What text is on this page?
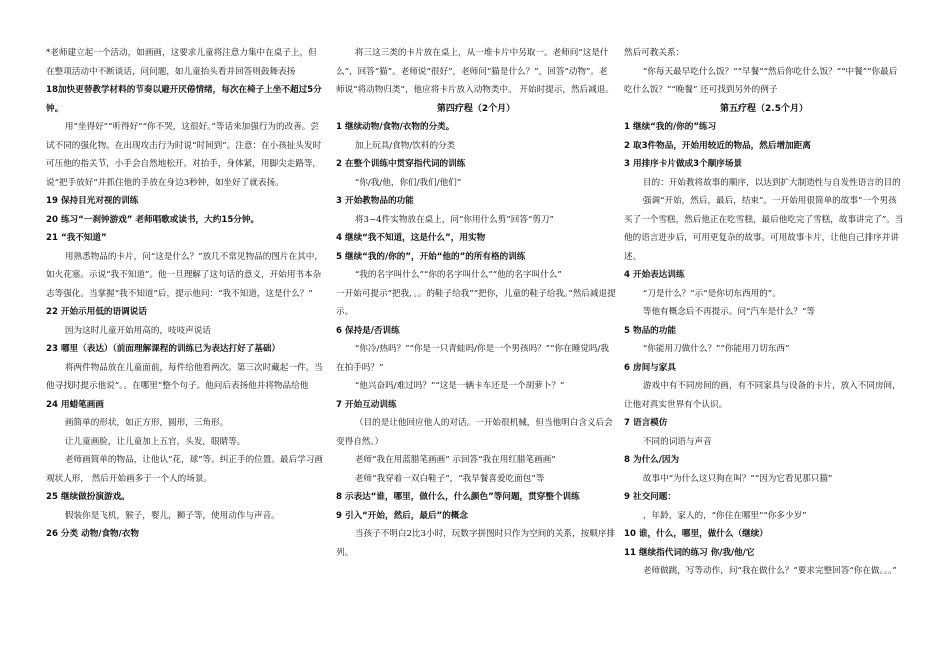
*老师建立起一个活动，如画画，这要求儿童将注意力集中在桌子上，但在整项活动中不断谈话，问问题，如儿童抬头看并回答则鼓舞表扬

18加快更替教学材料的节奏以避开厌倦情绪，每次在椅子上坐不超过5分钟。

用“坐得好”“听得好”“你不哭，这很好。”等话来加强行为的改善。尝试不同的强化物。在出现攻击行为时说“时间到”。注意：在小孩扯头发时可压他的指关节，小手会自然地松开。对抬手，身体紧，用脚尖走路等，说“把手放好”并抓住他的手放在身边3秒钟，如坐好了就表扬。

19 保持目光对视的训练

20 练习“一刹钟游戏” 老师唱歌或读书，大约15分钟。

21 “我不知道”

用熟悉物品的卡片，问“这是什么？”放几不常见物品的图片在其中，如火花塞。示说“我不知道”。他一旦理解了这句话的意义，开始用书本杂志等强化。当掌握“我不知道”后，提示他问：“我不知道，这是什么？”

22 开始示用低的语调说话

因为这时儿童开始用高的，吱吱声说话

23 哪里（表达）（前面理解课程的训练已为表达打好了基础）

将两件物品放在儿童面前，每件给他看两次。第三次时藏起一件。当他寻找时提示他说“。。在哪里”整个句子。他问后表扬他并将物品给他

24 用蜡笔画画

画简单的形状，如正方形，圆形，三角形。

让儿童画脸，让儿童加上五官，头发，眼睛等。

老师画简单的物品，让他认“花，球”等。纠正手的位置。最后学习画观状人形， 然后开始画多于一个人的场景。

25 继续做扮演游戏。

假装你是飞机，猴子，婴儿，狮子等，使用动作与声音。

26 分类 动物/食物/衣物

将三这三类的卡片放在桌上，从一堆卡片中另取一。老师问“这是什么”，回答“猫”。老师说“很好”，老师问“猫是什么？”，回答“动物”。老师说“将动物归类”，他应将卡片放入动物类中。 开始时提示，然后减退。

第四疗程（2个月）

1 继续动物/食物/衣物的分类。

加上玩具/食物/饮料的分类

2 在整个训练中贯穿指代词的训练

“你/我/他，你们/我们/他们”

3 开始教物品的功能

将3~4件实物放在桌上，问“你用什么剪”回答“剪刀”

4 继续“我不知道，这是什么”，用实物

5 继续“我的/你的”，开始“他的”的所有格的训练

“我的名字叫什么”“你的名字叫什么”“他的名字叫什么”

一开始可提示“把我，。。的鞋子给我”“把你，儿童的鞋子给我。”然后减退提示。

6 保持是/否训练

“你冷/热吗？”“你是一只青蛙吗/你是一个男孩吗？”“你在睡觉吗/我在拍手吗？”

“他兴奋吗/难过吗？”“这是一辆卡车还是一个胡萝卜？”

7 开始互动训练

（目的是让他回应他人的对话。一开始很机械，但当他明白含义后会变得自然。）

老师“我在用蓝腊笔画画” 示回答“我在用红腊笔画画”

老师“我穿着一双白鞋子”，“我早餐喜爱吃面包”等

8 示表达“谁，哪里，做什么，什么颜色”等问题，贯穿整个训练

9 引入“开始，然后，最后”的概念

当孩子不明白2比3小时，玩数字拼图时只作为空间的关系，按顺序排列。

然后可教关系：

“你每天最早吃什么饭？”“早餐”“然后你吃什么饭？”“中餐”“你最后吃什么饭？”“晚餐” 还可找到另外的例子

第五疗程（2.5个月）

1 继续“我的/你的”练习

2 取3件物品，开始用较近的物品，然后增加距离

3 用排序卡片做成3个顺序场景

目的：开始教将故事的顺序，以达到扩大制造性与自发性语言的目的

强调“开始，然后，最后，结束”。一开始用很简单的故事“一个男孩买了一个雪糕，然后他正在吃雪糕，最后他吃完了雪糕，故事讲完了”。当他的语言进步后，可用更复杂的故事。可用故事卡片，让他自己排序并讲述。

4 开始表达训练

“刀是什么？”示“是你切东西用的”。

等他有概念后不再提示。问“汽车是什么？”等

5 物品的功能

“你能用刀做什么？”“你能用刀切东西”

6 房间与家具

游戏中有不同房间的画，有不同家具与设备的卡片，放入不同房间，让他对真实世界有个认识。

7 语言模仿

不同的词语与声音

8 为什么/因为

故事中“为什么这只狗在叫？”“因为它看见那只猫”

9 社交问题：

，年龄，家人的，“你住在哪里”“你多少岁”

10 谁，什么，哪里，做什么（继续）

11 继续指代词的练习 你/我/他/它

老师做跳，写等动作，问“我在做什么？”要求完整回答“你在做。。。”
